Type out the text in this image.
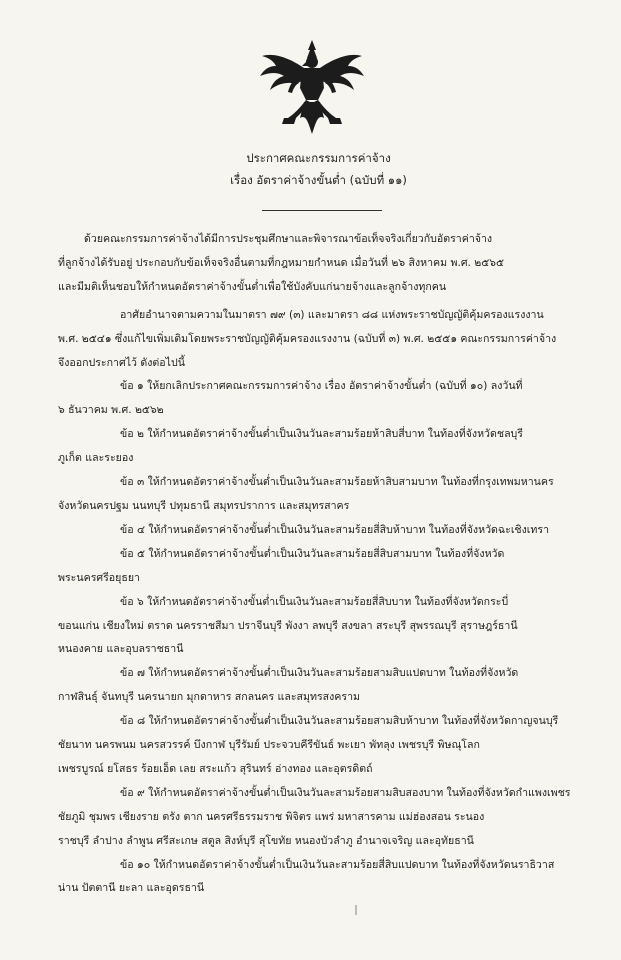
ประกาศคณะกรรมการค่าจ้าง
เรื่อง อัตราค่าจ้างขั้นต่ำ (ฉบับที่ ๑๑)
ด้วยคณะกรรมการค่าจ้างได้มีการประชุมศึกษาและพิจารณาข้อเท็จจริงเกี่ยวกับอัตราค่าจ้าง
ที่ลูกจ้างได้รับอยู่ ประกอบกับข้อเท็จจริงอื่นตามที่กฎหมายกำหนด เมื่อวันที่ ๒๖ สิงหาคม พ.ศ. ๒๕๖๕
และมีมติเห็นชอบให้กำหนดอัตราค่าจ้างขั้นต่ำเพื่อใช้บังคับแก่นายจ้างและลูกจ้างทุกคน
อาศัยอำนาจตามความในมาตรา ๗๙ (๓) และมาตรา ๘๘ แห่งพระราชบัญญัติคุ้มครองแรงงาน
พ.ศ. ๒๕๔๑ ซึ่งแก้ไขเพิ่มเติมโดยพระราชบัญญัติคุ้มครองแรงงาน (ฉบับที่ ๓) พ.ศ. ๒๕๕๑ คณะกรรมการค่าจ้าง
จึงออกประกาศไว้ ดังต่อไปนี้
ข้อ ๑ ให้ยกเลิกประกาศคณะกรรมการค่าจ้าง เรื่อง อัตราค่าจ้างขั้นต่ำ (ฉบับที่ ๑๐) ลงวันที่
๖ ธันวาคม พ.ศ. ๒๕๖๒
ข้อ ๒ ให้กำหนดอัตราค่าจ้างขั้นต่ำเป็นเงินวันละสามร้อยห้าสิบสี่บาท ในท้องที่จังหวัดชลบุรี
ภูเก็ต และระยอง
ข้อ ๓ ให้กำหนดอัตราค่าจ้างขั้นต่ำเป็นเงินวันละสามร้อยห้าสิบสามบาท ในท้องที่กรุงเทพมหานคร
จังหวัดนครปฐม นนทบุรี ปทุมธานี สมุทรปราการ และสมุทรสาคร
ข้อ ๔ ให้กำหนดอัตราค่าจ้างขั้นต่ำเป็นเงินวันละสามร้อยสี่สิบห้าบาท ในท้องที่จังหวัดฉะเชิงเทรา
ข้อ ๕ ให้กำหนดอัตราค่าจ้างขั้นต่ำเป็นเงินวันละสามร้อยสี่สิบสามบาท ในท้องที่จังหวัด
พระนครศรีอยุธยา
ข้อ ๖ ให้กำหนดอัตราค่าจ้างขั้นต่ำเป็นเงินวันละสามร้อยสี่สิบบาท ในท้องที่จังหวัดกระบี่
ขอนแก่น เชียงใหม่ ตราด นครราชสีมา ปราจีนบุรี พังงา ลพบุรี สงขลา สระบุรี สุพรรณบุรี สุราษฎร์ธานี
หนองคาย และอุบลราชธานี
ข้อ ๗ ให้กำหนดอัตราค่าจ้างขั้นต่ำเป็นเงินวันละสามร้อยสามสิบแปดบาท ในท้องที่จังหวัด
กาฬสินธุ์ จันทบุรี นครนายก มุกดาหาร สกลนคร และสมุทรสงคราม
ข้อ ๘ ให้กำหนดอัตราค่าจ้างขั้นต่ำเป็นเงินวันละสามร้อยสามสิบห้าบาท ในท้องที่จังหวัดกาญจนบุรี
ชัยนาท นครพนม นครสวรรค์ บึงกาฬ บุรีรัมย์ ประจวบคีรีขันธ์ พะเยา พัทลุง เพชรบุรี พิษณุโลก
เพชรบูรณ์ ยโสธร ร้อยเอ็ด เลย สระแก้ว สุรินทร์ อ่างทอง และอุตรดิตถ์
ข้อ ๙ ให้กำหนดอัตราค่าจ้างขั้นต่ำเป็นเงินวันละสามร้อยสามสิบสองบาท ในท้องที่จังหวัดกำแพงเพชร
ชัยภูมิ ชุมพร เชียงราย ตรัง ตาก นครศรีธรรมราช พิจิตร แพร่ มหาสารคาม แม่ฮ่องสอน ระนอง
ราชบุรี ลำปาง ลำพูน ศรีสะเกษ สตูล สิงห์บุรี สุโขทัย หนองบัวลำภู อำนาจเจริญ และอุทัยธานี
ข้อ ๑๐ ให้กำหนดอัตราค่าจ้างขั้นต่ำเป็นเงินวันละสามร้อยสี่สิบแปดบาท ในท้องที่จังหวัดนราธิวาส
น่าน ปัตตานี ยะลา และอุดรธานี
